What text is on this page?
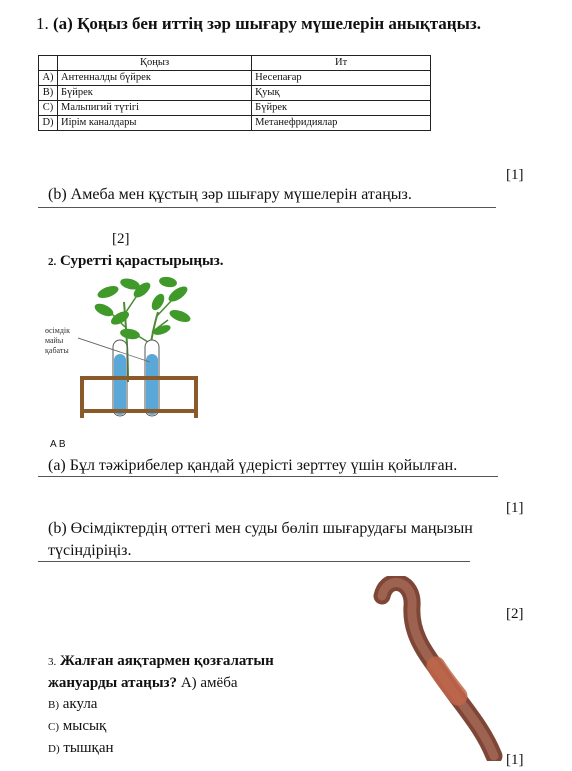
1. (a) Қоңыз бен иттің зәр шығару мүшелерін анықтаңыз.
	Қоңыз	Ит
A)	Антенналды бүйрек	Несепағар
B)	Бүйрек	Қуық
C)	Мальпигий түтігі	Бүйрек
D)	Иірім каналдары	Метанефридиялар
[1]
(b) Амеба мен құстың зәр шығару мүшелерін атаңыз.
[2]
2. Суретті қарастырыңыз.
өсімдік
майы
қабаты
A B
(a) Бұл тәжірибелер қандай үдерісті зерттеу үшін қойылған.
[1]
(b) Өсімдіктердің оттегі мен суды бөліп шығарудағы маңызын
түсіндіріңіз.
[2]
3. Жалған аяқтармен қозғалатын
жануарды атаңыз? А) амёба
B) акула
C) мысық
D) тышқан
[1]
